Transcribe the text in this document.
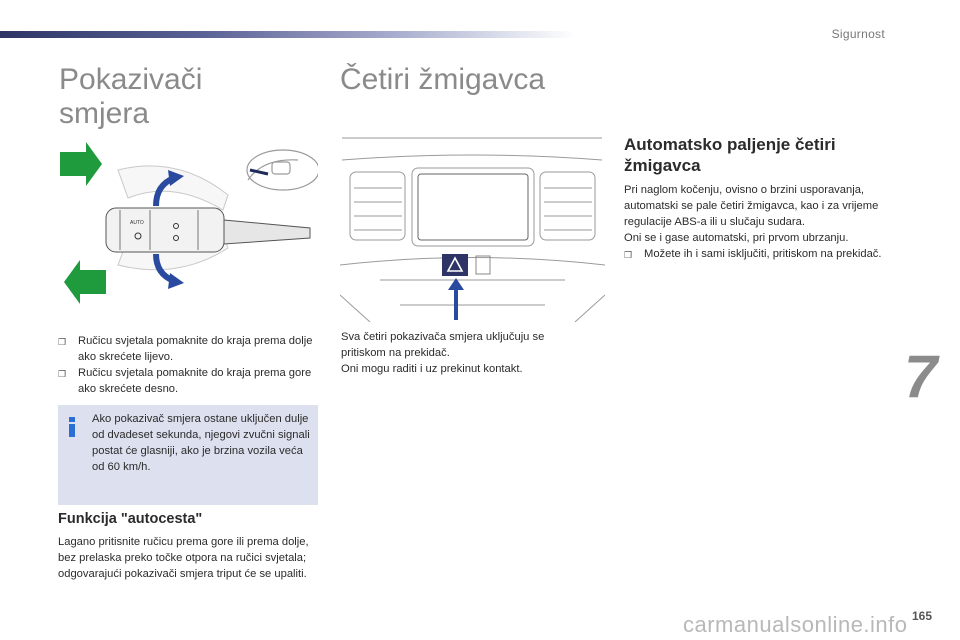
Sigurnost
Pokazivači
smjera
AUTO
❒	Ručicu svjetala pomaknite do kraja prema dolje ako skrećete lijevo.

❒	Ručicu svjetala pomaknite do kraja prema gore ako skrećete desno.

Ako pokazivač smjera ostane uključen dulje od dvadeset sekunda, njegovi zvučni signali postat će glasniji, ako je brzina vozila veća od 60 km/h.
Funkcija "autocesta"
Lagano pritisnite ručicu prema gore ili prema dolje, bez prelaska preko točke otpora na ručici svjetala; odgovarajući pokazivači smjera triput će se upaliti.
Četiri žmigavca

Sva četiri pokazivača smjera uključuju se pritiskom na prekidač.

Oni mogu raditi i uz prekinut kontakt.

Automatsko paljenje četiri žmigavca

Pri naglom kočenju, ovisno o brzini usporavanja, automatski se pale četiri žmigavca, kao i za vrijeme regulacije ABS-a ili u slučaju sudara.

Oni se i gase automatski, pri prvom ubrzanju.

❒	Možete ih i sami isključiti, pritiskom na prekidač.

7
carmanualsonline.info 165
